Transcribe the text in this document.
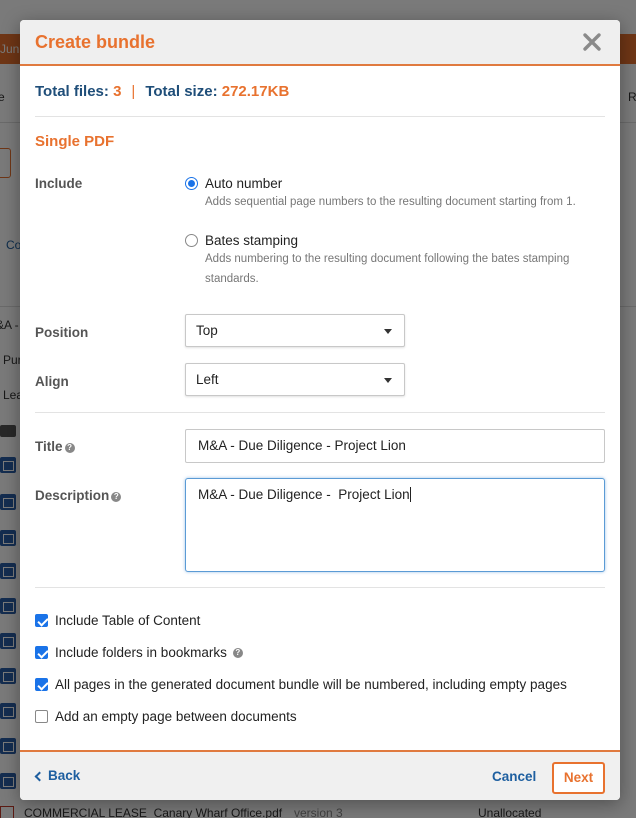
Create bundle
Total files: 3 | Total size: 272.17KB
Single PDF
Include	Auto number
Adds sequential page numbers to the resulting document starting from 1.
Bates stamping
Adds numbering to the resulting document following the bates stamping
standards.
Position	Top
Align	Left
Title ?	M&A - Due Diligence - Project Lion
Description ?	M&A - Due Diligence -  Project Lion
Include Table of Content
Include folders in bookmarks	?
All pages in the generated document bundle will be numbered, including empty pages
Add an empty page between documents
Back	Cancel	Next
